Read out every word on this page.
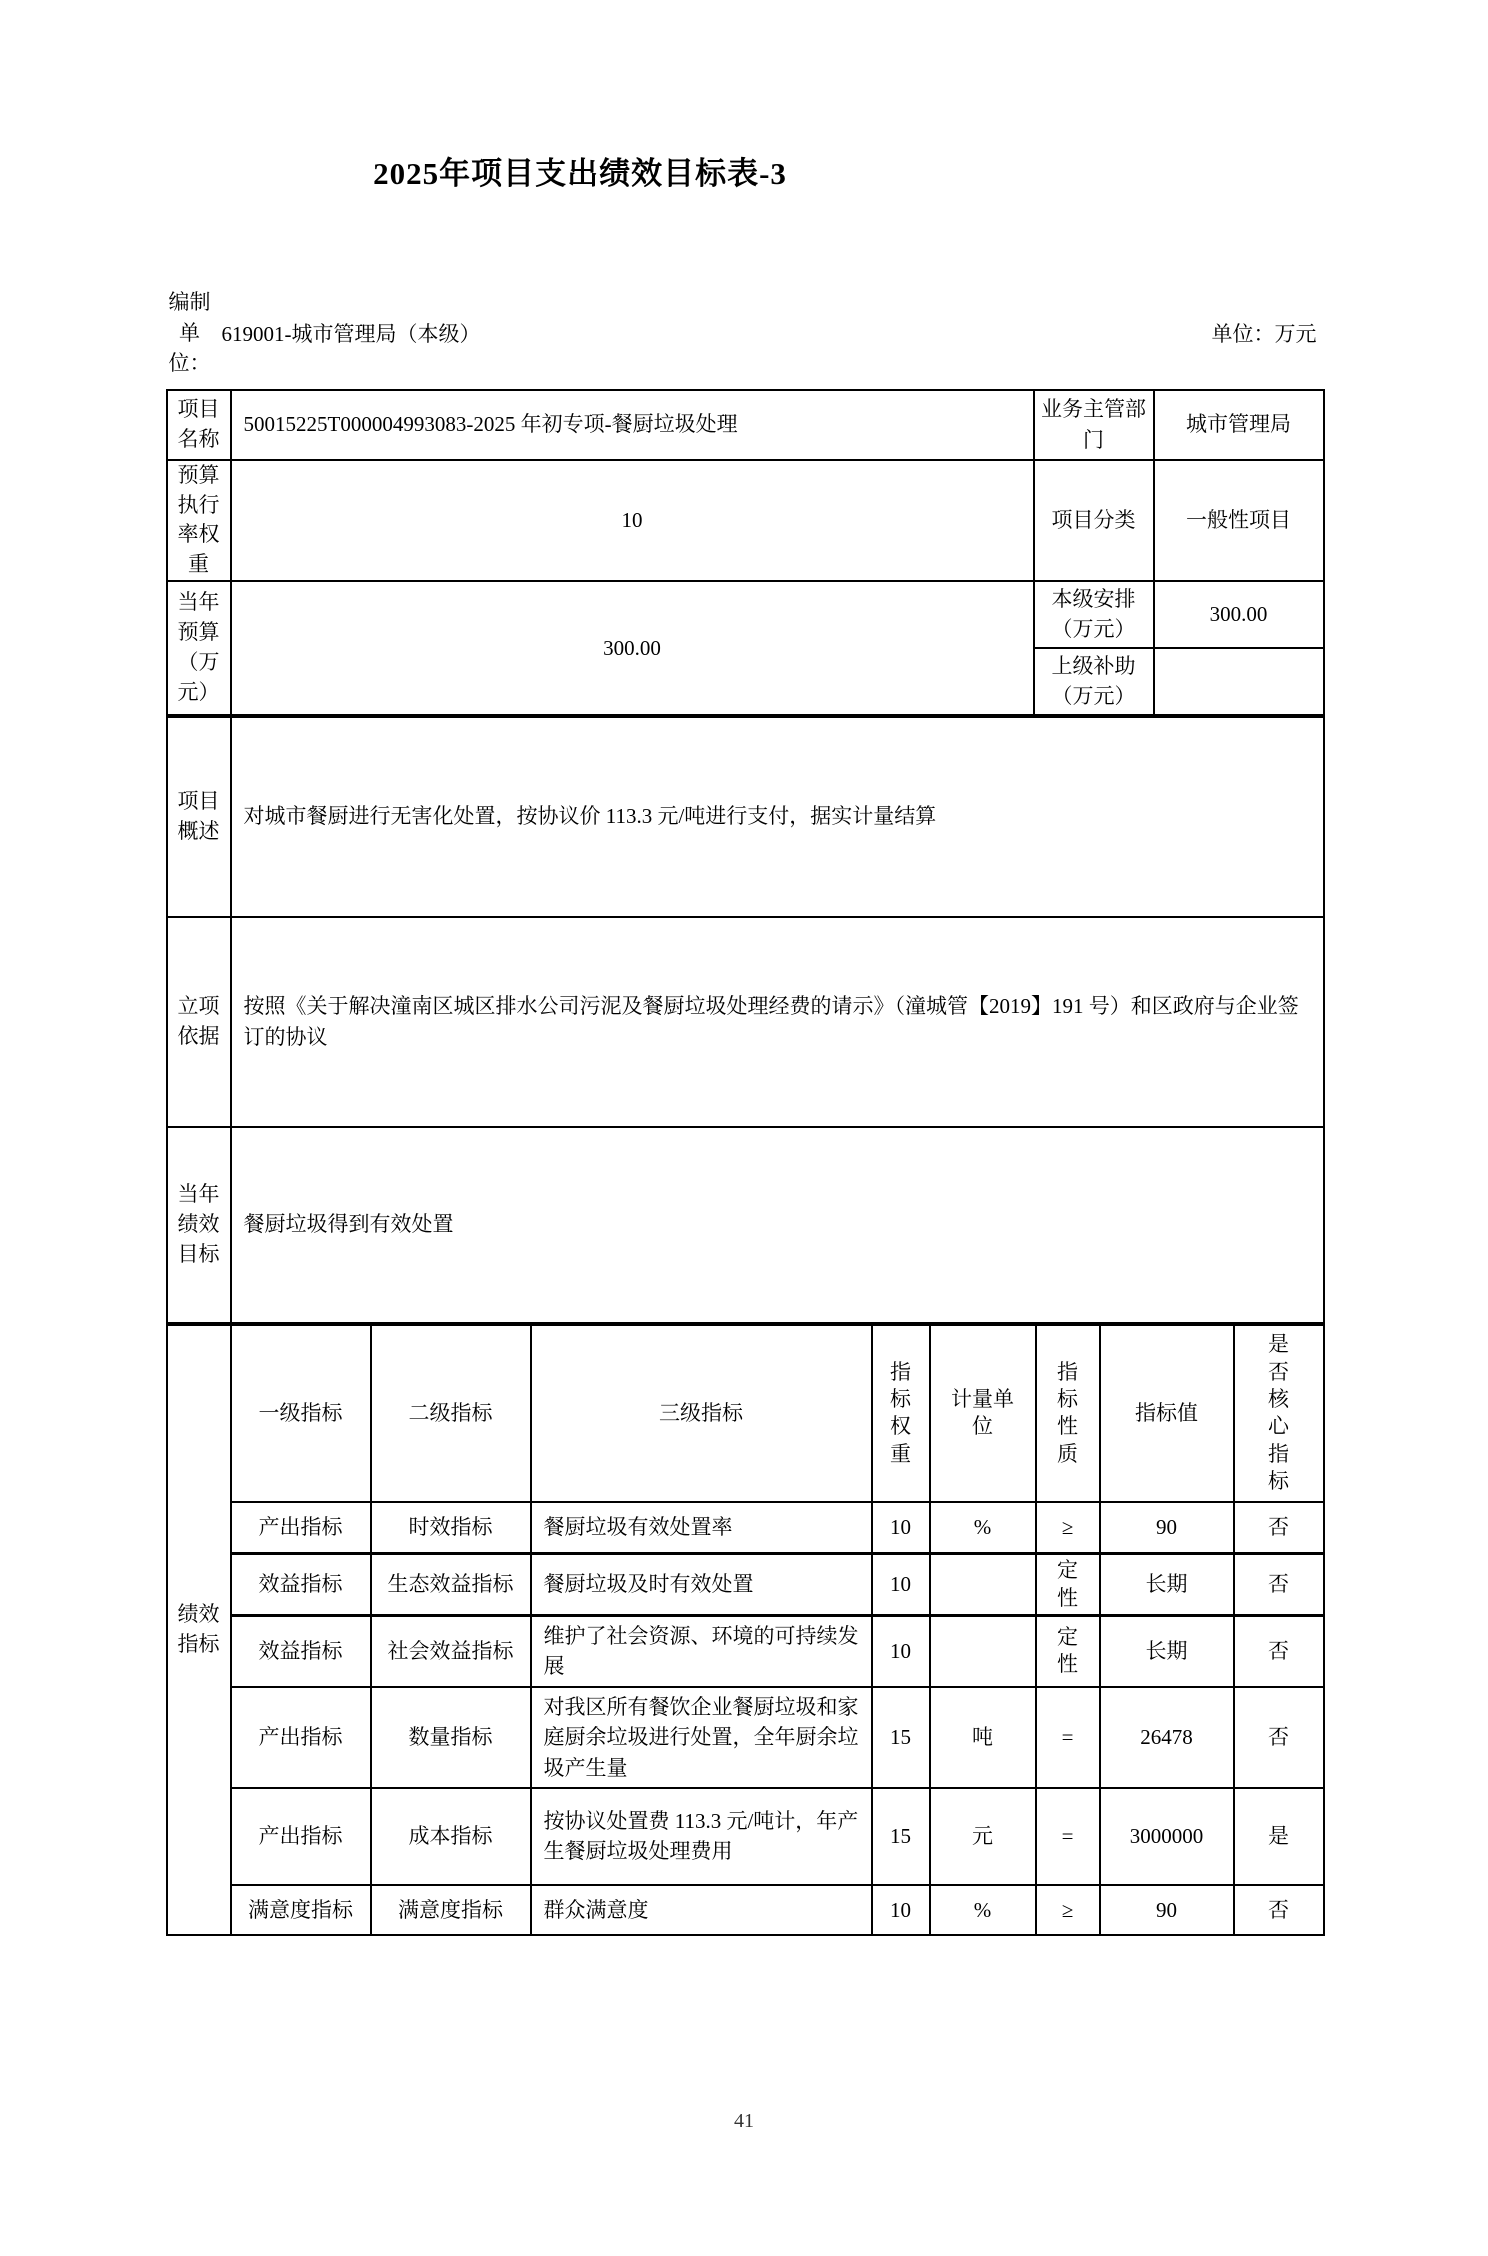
2025年项目支出绩效目标表-3
编制单位：
619001-城市管理局（本级）	单位：万元
项目名称	50015225T000004993083-2025 年初专项-餐厨垃圾处理	业务主管部门	城市管理局
预算执行率权重	10	项目分类	一般性项目
当年预算（万元）	300.00	本级安排（万元）	300.00
		上级补助（万元）	
项目概述	对城市餐厨进行无害化处置，按协议价 113.3 元/吨进行支付，据实计量结算
立项依据	按照《关于解决潼南区城区排水公司污泥及餐厨垃圾处理经费的请示》（潼城管【2019】191 号）和区政府与企业签订的协议
当年绩效目标	餐厨垃圾得到有效处置
绩效指标	一级指标	二级指标	三级指标	指标权重	计量单位	指标性质	指标值	是否核心指标
	产出指标	时效指标	餐厨垃圾有效处置率	10	%	≥	90	否
	效益指标	生态效益指标	餐厨垃圾及时有效处置	10		定性	长期	否
	效益指标	社会效益指标	维护了社会资源、环境的可持续发展	10		定性	长期	否
	产出指标	数量指标	对我区所有餐饮企业餐厨垃圾和家庭厨余垃圾进行处置，全年厨余垃圾产生量	15	吨	=	26478	否
	产出指标	成本指标	按协议处置费 113.3 元/吨计，年产生餐厨垃圾处理费用	15	元	=	3000000	是
	满意度指标	满意度指标	群众满意度	10	%	≥	90	否
41
